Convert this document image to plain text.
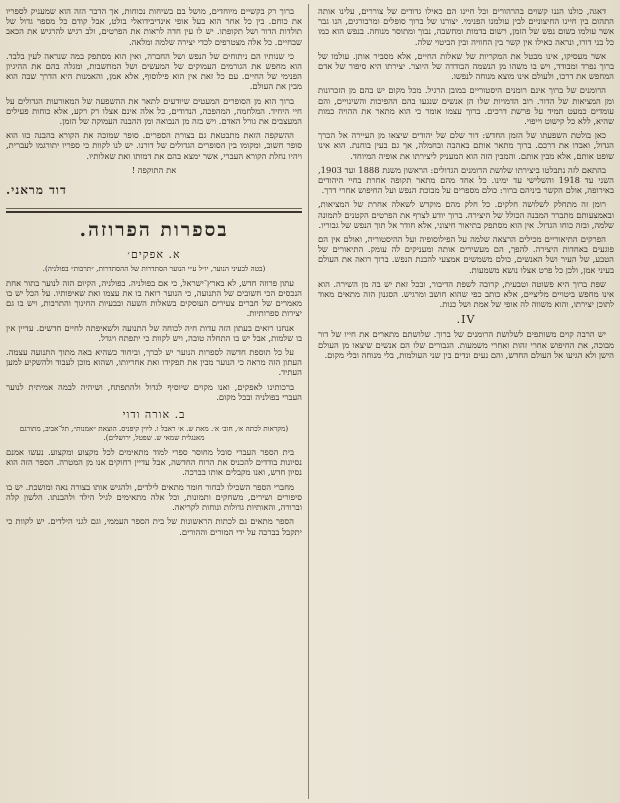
דאגה, כולנו הננו קשוים בהרהורים וכל חיינו הם כאילו גדודים של צוררים, עלינו אותה התהום בין חיינו החיצוניים לבין עולמנו הפנימי. יצורנו של ברוך סופלים ומרבורגים, הנו גבר אשר עולמו בשום נפש של הזמן, רשום בדמות ומחשבה, נבוך ומתוסר מנוחה. בנפש הוא כמו כל בני דורו, ונראה כאילו אין קשר בין החוויה ובין הביטוי שלה.

אשר מעסיקו, אינו מבטל את המקריות של שאלות החיים, אלא מסביר אותן. עולמו של ברוך נפרד ומבודד, ויש בו משהו מן הנשמה הבודדה של היוצר. יצירתו היא סיפור של אדם המחפש את דרכו, ולעולם אינו מוצא מנוחה לנפשו.

הרומנים של ברוך אינם רומנים היסטוריים במובן הרגיל. מכל מקום יש בהם מן הזכרונות ומן המציאות של הדור. רוב הדמויות שלו הן אנשים שנגעו בהם ההפיכות והשינויים, והם עומדים כמעט תמיד על פרשת דרכים. ברוך עצמו אומר כי הוא מתאר את ההויה כמות שהיא, ללא כל קישוט וייפוי.

כאן בולטת השפעתו של הזמן החדש: דור שלם של יהודים שיצאו מן העיירה אל הכרך הגדול, ואבדו את דרכם. ברוך מתאר אותם באהבה ובחמלה, אך גם בעין בוחנת. הוא אינו שופט אותם, אלא מבין אותם. והמבין הזה הוא המעניק ליצירתו את אופיה המיוחד.

בהתאם לזה נתבלטו ביצירתו שלושת הרומנים הגדולים: הראשון משנת 1888 ועד 1903, השני עד 1918 והשלישי עד ימינו. כל אחד מהם מתאר תקופה אחרת בחיי היהודים באירופה, אולם הקשר ביניהם ברור: כולם מספרים על מבוכת הנפש ועל החיפוש אחרי דרך.

רומן זה מתחלק לשלושה חלקים. כל חלק מהם מוקדש לשאלה אחרת של המציאות, ובאמצעותם מתברר המבנה הכולל של היצירה. ברוך יודע לצרף את הפרטים הקטנים לתמונה שלמה, ובזה כוחו הגדול. אין הוא מסתפק בתיאור חיצוני, אלא חודר אל תוך הנפש של גבוריו.

הפרקים התיאוריים מכילים הרצאה שלמה על הפילוסופיה ועל ההיסטוריה, ואולם אין הם פוגעים באחדות היצירה. להפך, הם מעשירים אותה ומעניקים לה עומק. התיאורים של הטבע, של העיר ושל האנשים, כולם משמשים אמצעי להבנת הנפש. ברוך רואה את העולם בעיני אמן, ולכן כל פרט אצלו נושא משמעות.

שפת ברוך היא פשוטה וטבעית, קרובה לשפת הדיבור, ובכל זאת יש בה מן השירה. הוא אינו מחפש ביטויים מליציים, אלא כותב כפי שהוא חושב ומרגיש. הסגנון הזה מתאים מאוד לתוכן יצירתו, והוא משווה לה אופי של אמת ושל כנות.

IV.

יש הרבה קוים משותפים לשלושת הרומנים של ברוך. שלושתם מתארים את חייו של דור מבוכה, את החיפוש אחרי זהות ואחרי משמעות. הגבורים שלו הם אנשים שיצאו מן העולם הישן ולא הגיעו אל העולם החדש, והם נעים ונדים בין שני העולמות, בלי מנוחה ובלי מקום.

ברוך רק בקשיים מיוחדים, מושל בם בשיחות נכוחות, אך הדבר הזה הוא שמעניק לספריו את כוחם. בין כל אחר הוא בעל אופי אינדיבידואלי בולט, אבל קודם כל מספר גדול של תולדות הדור ושל תקופתו. יש לו עין חדה לראות את הפרטים, ולב רגיש להרגיש את הכאב שבחיים. כל אלה מצטרפים לכדי יצירה שלמה ומלאה.

כי שנותיו הם ניתוחים של הנפש ושל החברה, ואין הוא מסתפק במה שנראה לעין בלבד. הוא מחפש את הגורמים העמוקים של המעשים ושל המחשבות, ומגלה בהם את ההיגיון הפנימי של החיים. עם כל זאת אין הוא פילוסוף, אלא אמן, והאמנות היא הדרך שבה הוא מבין את העולם.

ברוך הוא מן הסופרים המעטים שיודעים לתאר את ההשפעה של המאורעות הגדולים על חיי היחיד. המלחמה, המהפכה, הנדודים, כל אלה אינם אצלו רק רקע, אלא כוחות פעילים המעצבים את גורל האדם. ויש בזה מן הנבואה ומן ההבנה העמוקה של הזמן.

ההשקפה הזאת מתבטאת גם בצורת הספרים. סופר שמזכה את הקורא בהבנה כזו הוא סופר חשוב, ומקומו בין הסופרים הגדולים של דורנו. יש לנו לקוות כי ספריו יתורגמו לעברית, ויהיו נחלת הקורא העברי, אשר ימצא בהם את דמותו ואת שאלותיו.

את התוקפה !
דוד מראני.
בספרות הפרוזה.
א. אפקים׳
(בטה לבעיני הנוער, יו״ל ע״י הנוער הסתדרות של ההסתדרות, ״תרבות״ בפולניה).

עתון פרוזה חדש, לא בארץ־ישראל, כי אם בפולניה. בפולניה, הקיום הזה לנוער בתור אחת הנכסים הכי חשובים של התנועה, כי הנוער רואה בו את עצמו ואת שאיפותיו. על הכל יש בו מאמרים של חברים צעירים העוסקים בשאלות השעה ובבעיות החינוך והתרבות, ויש בו גם יצירות ספרותיות.

אנחנו רואים בעתון הזה עדות חיה לכוחה של התנועה ולשאיפתה לחיים חדשים. עדיין אין בו שלמות, אבל יש בו התחלה טובה, ויש לקוות כי יתפתח ויגדל.

על כל תוספת חדשה לספרות הנוער יש לברך, וביחוד כשהיא באה מתוך התנועה עצמה. העתון הזה מראה כי הנוער מבין את תפקידו ואת אחריותו, ושהוא מוכן לעבוד ולהשקיע למען העתיד.

ברכותינו לאפקים, ואנו מקוים שיוסיף לגדול ולהתפתח, ושיהיה לבמה אמיתית לנוער העברי בפולניה ובכל מקום.

ב. אורה ודוי
(מקראות לכתה א׳, חוב׳ א׳. מאת ש. א׳ ראבל ו. ליוין קיפניס. הוצאת ״אמנות״, תל־אביב, מתורגם מאנגלית שמאי ש. שפטל, ירושלים).

בית הספר העברי סובל מחוסר ספרי למוד מתאימים לכל מקצוע ומקצוע. נעשו אמנם נסיונות בודדים להכניס את הרוח החדשה, אבל עדיין רחוקים אנו מן המטרה. הספר הזה הוא נסיון חדש, ואנו מקבלים אותו בברכה.

מחברי הספר השכילו לבחור חומר מתאים לילדים, ולהגיש אותו בצורה נאה ומושכת. יש בו סיפורים ושירים, משחקים ותמונות, וכל אלה מתאימים לגיל הילד ולהבנתו. הלשון קלה וברורה, והאותיות גדולות ונוחות לקריאה.

הספר מתאים גם לכתות הראשונות של בית הספר העממי, וגם לגני הילדים. יש לקוות כי יתקבל בברכה על ידי המורים וההורים.
